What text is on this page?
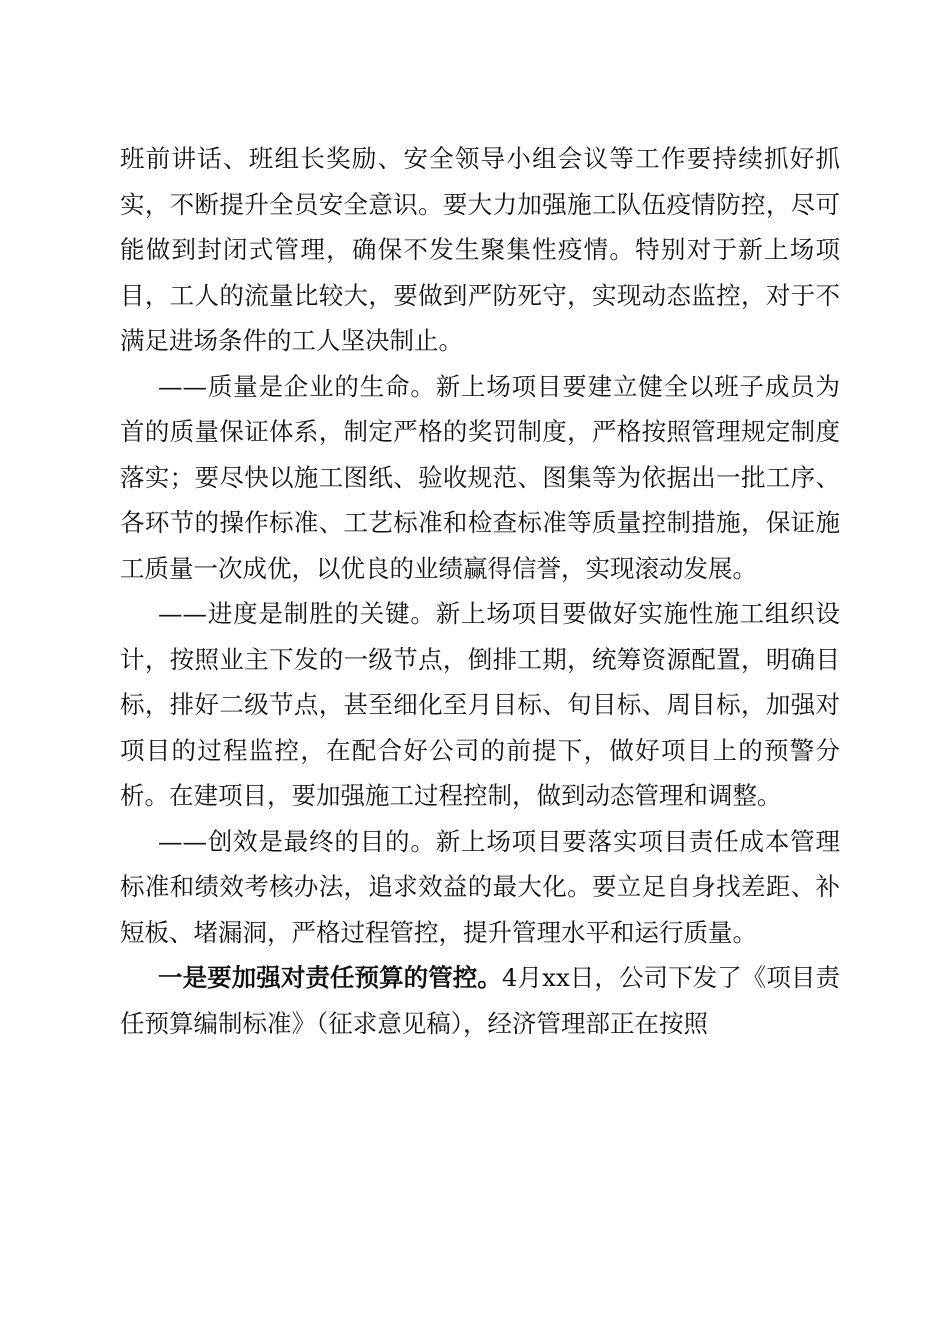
班前讲话、班组长奖励、安全领导小组会议等工作要持续抓好抓实，不断提升全员安全意识。要大力加强施工队伍疫情防控，尽可能做到封闭式管理，确保不发生聚集性疫情。特别对于新上场项目，工人的流量比较大，要做到严防死守，实现动态监控，对于不满足进场条件的工人坚决制止。

——质量是企业的生命。新上场项目要建立健全以班子成员为首的质量保证体系，制定严格的奖罚制度，严格按照管理规定制度落实；要尽快以施工图纸、验收规范、图集等为依据出一批工序、各环节的操作标准、工艺标准和检查标准等质量控制措施，保证施工质量一次成优，以优良的业绩赢得信誉，实现滚动发展。

——进度是制胜的关键。新上场项目要做好实施性施工组织设计，按照业主下发的一级节点，倒排工期，统筹资源配置，明确目标，排好二级节点，甚至细化至月目标、旬目标、周目标，加强对项目的过程监控，在配合好公司的前提下，做好项目上的预警分析。在建项目，要加强施工过程控制，做到动态管理和调整。

——创效是最终的目的。新上场项目要落实项目责任成本管理标准和绩效考核办法，追求效益的最大化。要立足自身找差距、补短板、堵漏洞，严格过程管控，提升管理水平和运行质量。

一是要加强对责任预算的管控。4月xx日，公司下发了《项目责任预算编制标准》（征求意见稿），经济管理部正在按照
